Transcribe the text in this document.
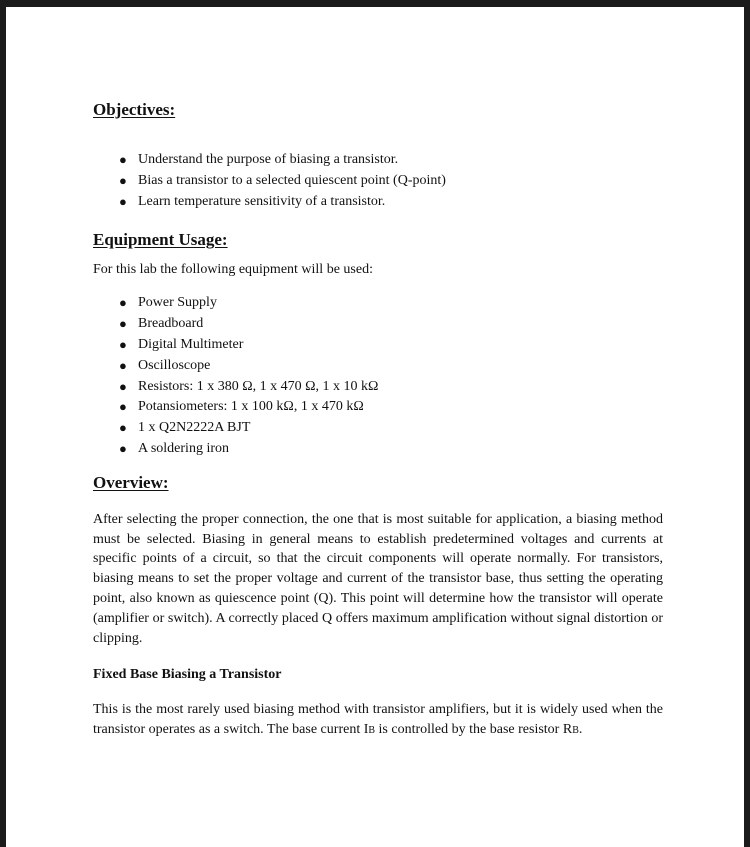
Objectives:
● Understand the purpose of biasing a transistor.
● Bias a transistor to a selected quiescent point (Q-point)
● Learn temperature sensitivity of a transistor.
Equipment Usage:

For this lab the following equipment will be used:

● Power Supply
● Breadboard
● Digital Multimeter
● Oscilloscope
● Resistors: 1 x 380 Ω, 1 x 470 Ω, 1 x 10 kΩ
● Potansiometers: 1 x 100 kΩ, 1 x 470 kΩ
● 1 x Q2N2222A BJT
● A soldering iron
Overview:

After selecting the proper connection, the one that is most suitable for application, a biasing method must be selected. Biasing in general means to establish predetermined voltages and currents at specific points of a circuit, so that the circuit components will operate normally. For transistors, biasing means to set the proper voltage and current of the transistor base, thus setting the operating point, also known as quiescence point (Q). This point will determine how the transistor will operate (amplifier or switch). A correctly placed Q offers maximum amplification without signal distortion or clipping.

Fixed Base Biasing a Transistor

This is the most rarely used biasing method with transistor amplifiers, but it is widely used when the transistor operates as a switch. The base current IB is controlled by the base resistor RB.
